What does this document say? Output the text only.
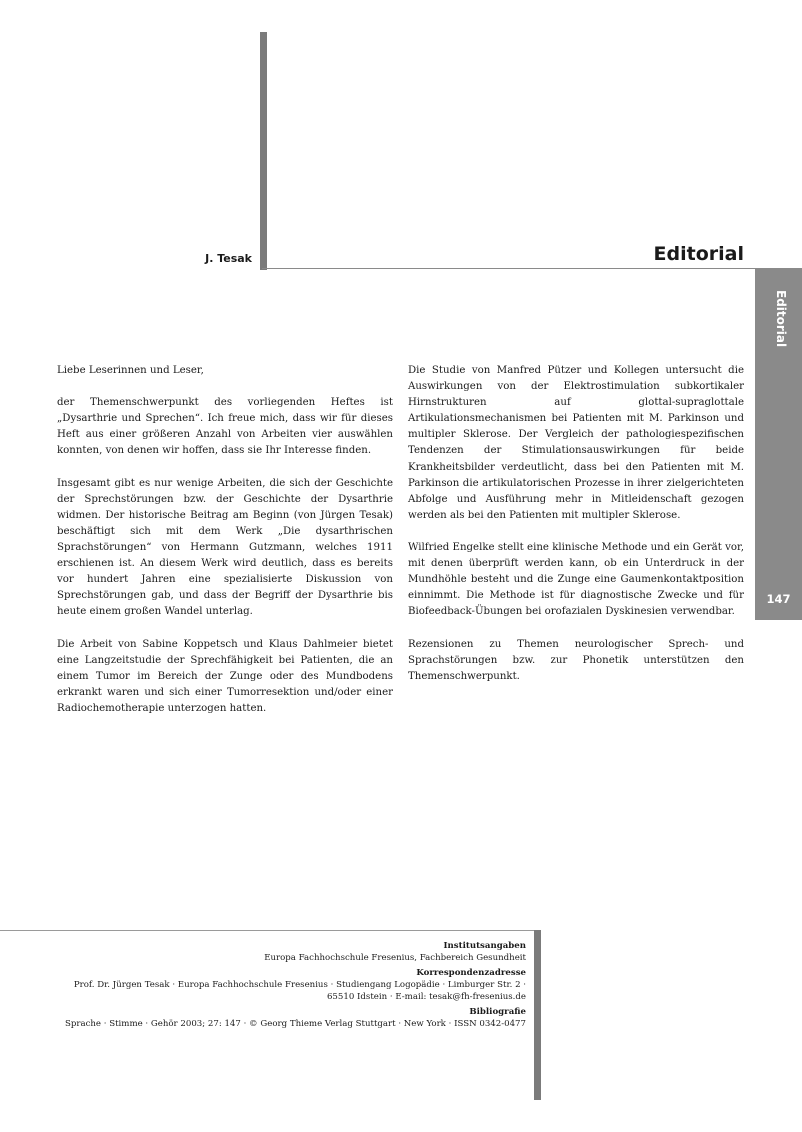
J. Tesak	Editorial
Editorial
147

Liebe Leserinnen und Leser,

der Themenschwerpunkt des vorliegenden Heftes ist „Dysarthrie und Sprechen“. Ich freue mich, dass wir für dieses Heft aus einer größeren Anzahl von Arbeiten vier auswählen konnten, von denen wir hoffen, dass sie Ihr Interesse finden.

Insgesamt gibt es nur wenige Arbeiten, die sich der Geschichte der Sprechstörungen bzw. der Geschichte der Dysarthrie widmen. Der historische Beitrag am Beginn (von Jürgen Tesak) beschäftigt sich mit dem Werk „Die dysarthrischen Sprachstörungen“ von Hermann Gutzmann, welches 1911 erschienen ist. An diesem Werk wird deutlich, dass es bereits vor hundert Jahren eine spezialisierte Diskussion von Sprechstörungen gab, und dass der Begriff der Dysarthrie bis heute einem großen Wandel unterlag.

Die Arbeit von Sabine Koppetsch und Klaus Dahlmeier bietet eine Langzeitstudie der Sprechfähigkeit bei Patienten, die an einem Tumor im Bereich der Zunge oder des Mundbodens erkrankt waren und sich einer Tumorresektion und/oder einer Radiochemotherapie unterzogen hatten.

Die Studie von Manfred Pützer und Kollegen untersucht die Auswirkungen von der Elektrostimulation subkortikaler Hirnstrukturen auf glottal-supraglottale Artikulationsmechanismen bei Patienten mit M. Parkinson und multipler Sklerose. Der Vergleich der pathologiespezifischen Tendenzen der Stimulationsauswirkungen für beide Krankheitsbilder verdeutlicht, dass bei den Patienten mit M. Parkinson die artikulatorischen Prozesse in ihrer zielgerichteten Abfolge und Ausführung mehr in Mitleidenschaft gezogen werden als bei den Patienten mit multipler Sklerose.

Wilfried Engelke stellt eine klinische Methode und ein Gerät vor, mit denen überprüft werden kann, ob ein Unterdruck in der Mundhöhle besteht und die Zunge eine Gaumenkontaktposition einnimmt. Die Methode ist für diagnostische Zwecke und für Biofeedback-Übungen bei orofazialen Dyskinesien verwendbar.

Rezensionen zu Themen neurologischer Sprech- und Sprachstörungen bzw. zur Phonetik unterstützen den Themenschwerpunkt.

Institutsangaben
Europa Fachhochschule Fresenius, Fachbereich Gesundheit
Korrespondenzadresse
Prof. Dr. Jürgen Tesak · Europa Fachhochschule Fresenius · Studiengang Logopädie · Limburger Str. 2 ·
65510 Idstein · E-mail: tesak@fh-fresenius.de
Bibliografie
Sprache · Stimme · Gehör 2003; 27: 147 · © Georg Thieme Verlag Stuttgart · New York · ISSN 0342-0477
